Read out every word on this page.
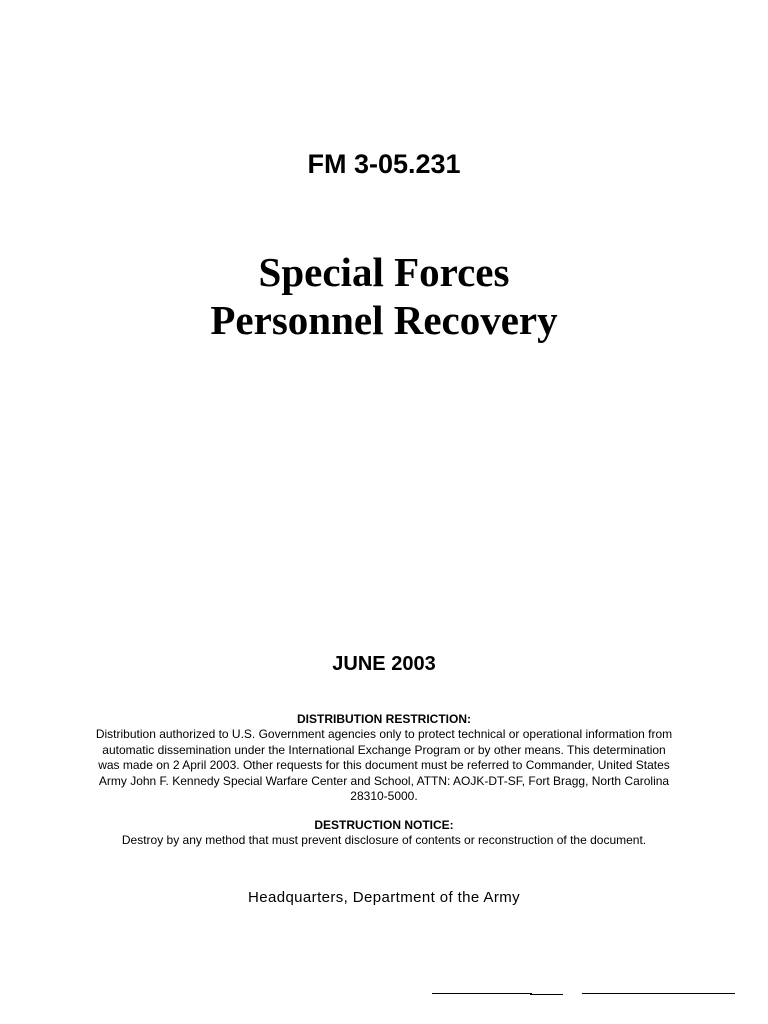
FM 3-05.231
Special Forces
Personnel Recovery
JUNE 2003
DISTRIBUTION RESTRICTION:
Distribution authorized to U.S. Government agencies only to protect technical or operational information from automatic dissemination under the International Exchange Program or by other means. This determination was made on 2 April 2003. Other requests for this document must be referred to Commander, United States Army John F. Kennedy Special Warfare Center and School, ATTN: AOJK-DT-SF, Fort Bragg, North Carolina 28310-5000.
DESTRUCTION NOTICE:
Destroy by any method that must prevent disclosure of contents or reconstruction of the document.
Headquarters, Department of the Army
